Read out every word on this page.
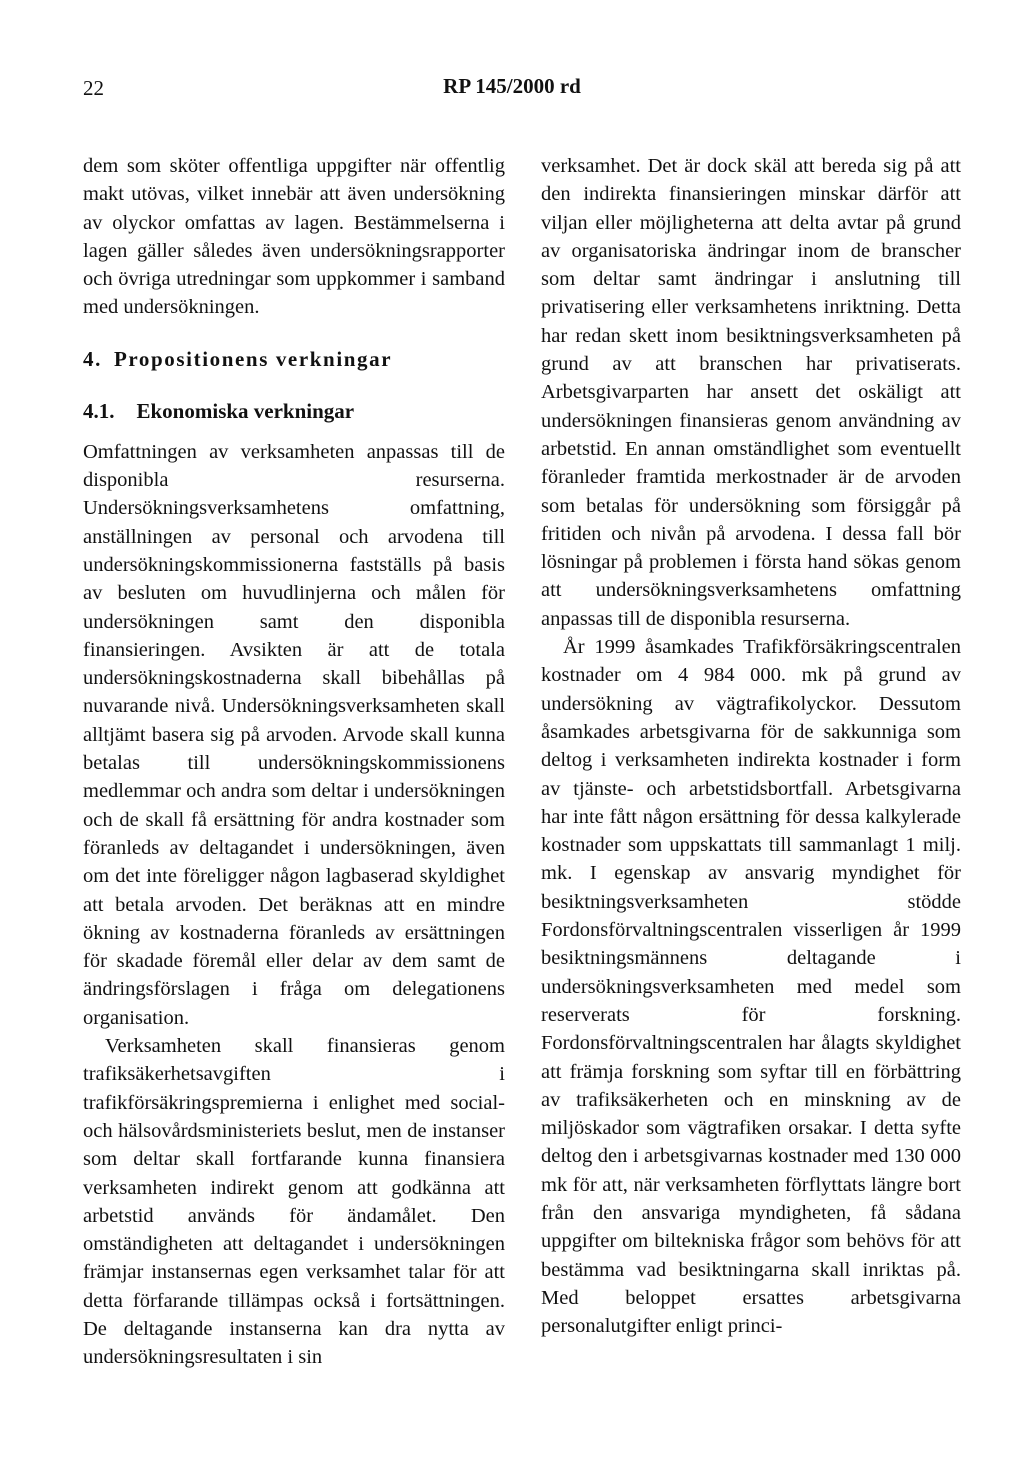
22	RP 145/2000 rd

dem som sköter offentliga uppgifter när offentlig makt utövas, vilket innebär att även undersökning av olyckor omfattas av lagen. Bestämmelserna i lagen gäller således även undersökningsrapporter och övriga utredningar som uppkommer i samband med undersökningen.

4. Propositionens verkningar
4.1. Ekonomiska verkningar

Omfattningen av verksamheten anpassas till de disponibla resurserna. Undersökningsverksamhetens omfattning, anställningen av personal och arvodena till undersökningskommissionerna fastställs på basis av besluten om huvudlinjerna och målen för undersökningen samt den disponibla finansieringen. Avsikten är att de totala undersökningskostnaderna skall bibehållas på nuvarande nivå. Undersökningsverksamheten skall alltjämt basera sig på arvoden. Arvode skall kunna betalas till undersökningskommissionens medlemmar och andra som deltar i undersökningen och de skall få ersättning för andra kostnader som föranleds av deltagandet i undersökningen, även om det inte föreligger någon lagbaserad skyldighet att betala arvoden. Det beräknas att en mindre ökning av kostnaderna föranleds av ersättningen för skadade föremål eller delar av dem samt de ändringsförslagen i fråga om delegationens organisation.

Verksamheten skall finansieras genom trafiksäkerhetsavgiften i trafikförsäkringspremierna i enlighet med social- och hälsovårdsministeriets beslut, men de instanser som deltar skall fortfarande kunna finansiera verksamheten indirekt genom att godkänna att arbetstid används för ändamålet. Den omständigheten att deltagandet i undersökningen främjar instansernas egen verksamhet talar för att detta förfarande tillämpas också i fortsättningen. De deltagande instanserna kan dra nytta av undersökningsresultaten i sin

verksamhet. Det är dock skäl att bereda sig på att den indirekta finansieringen minskar därför att viljan eller möjligheterna att delta avtar på grund av organisatoriska ändringar inom de branscher som deltar samt ändringar i anslutning till privatisering eller verksamhetens inriktning. Detta har redan skett inom besiktningsverksamheten på grund av att branschen har privatiserats. Arbetsgivarparten har ansett det oskäligt att undersökningen finansieras genom användning av arbetstid. En annan omständlighet som eventuellt föranleder framtida merkostnader är de arvoden som betalas för undersökning som försiggår på fritiden och nivån på arvodena. I dessa fall bör lösningar på problemen i första hand sökas genom att undersökningsverksamhetens omfattning anpassas till de disponibla resurserna.

År 1999 åsamkades Trafikförsäkringscentralen kostnader om 4 984 000. mk på grund av undersökning av vägtrafikolyckor. Dessutom åsamkades arbetsgivarna för de sakkunniga som deltog i verksamheten indirekta kostnader i form av tjänste- och arbetstidsbortfall. Arbetsgivarna har inte fått någon ersättning för dessa kalkylerade kostnader som uppskattats till sammanlagt 1 milj. mk. I egenskap av ansvarig myndighet för besiktningsverksamheten stödde Fordonsförvaltningscentralen visserligen år 1999 besiktningsmännens deltagande i undersökningsverksamheten med medel som reserverats för forskning. Fordonsförvaltningscentralen har ålagts skyldighet att främja forskning som syftar till en förbättring av trafiksäkerheten och en minskning av de miljöskador som vägtrafiken orsakar. I detta syfte deltog den i arbetsgivarnas kostnader med 130 000 mk för att, när verksamheten förflyttats längre bort från den ansvariga myndigheten, få sådana uppgifter om biltekniska frågor som behövs för att bestämma vad besiktningarna skall inriktas på. Med beloppet ersattes arbetsgivarna personalutgifter enligt princi-
